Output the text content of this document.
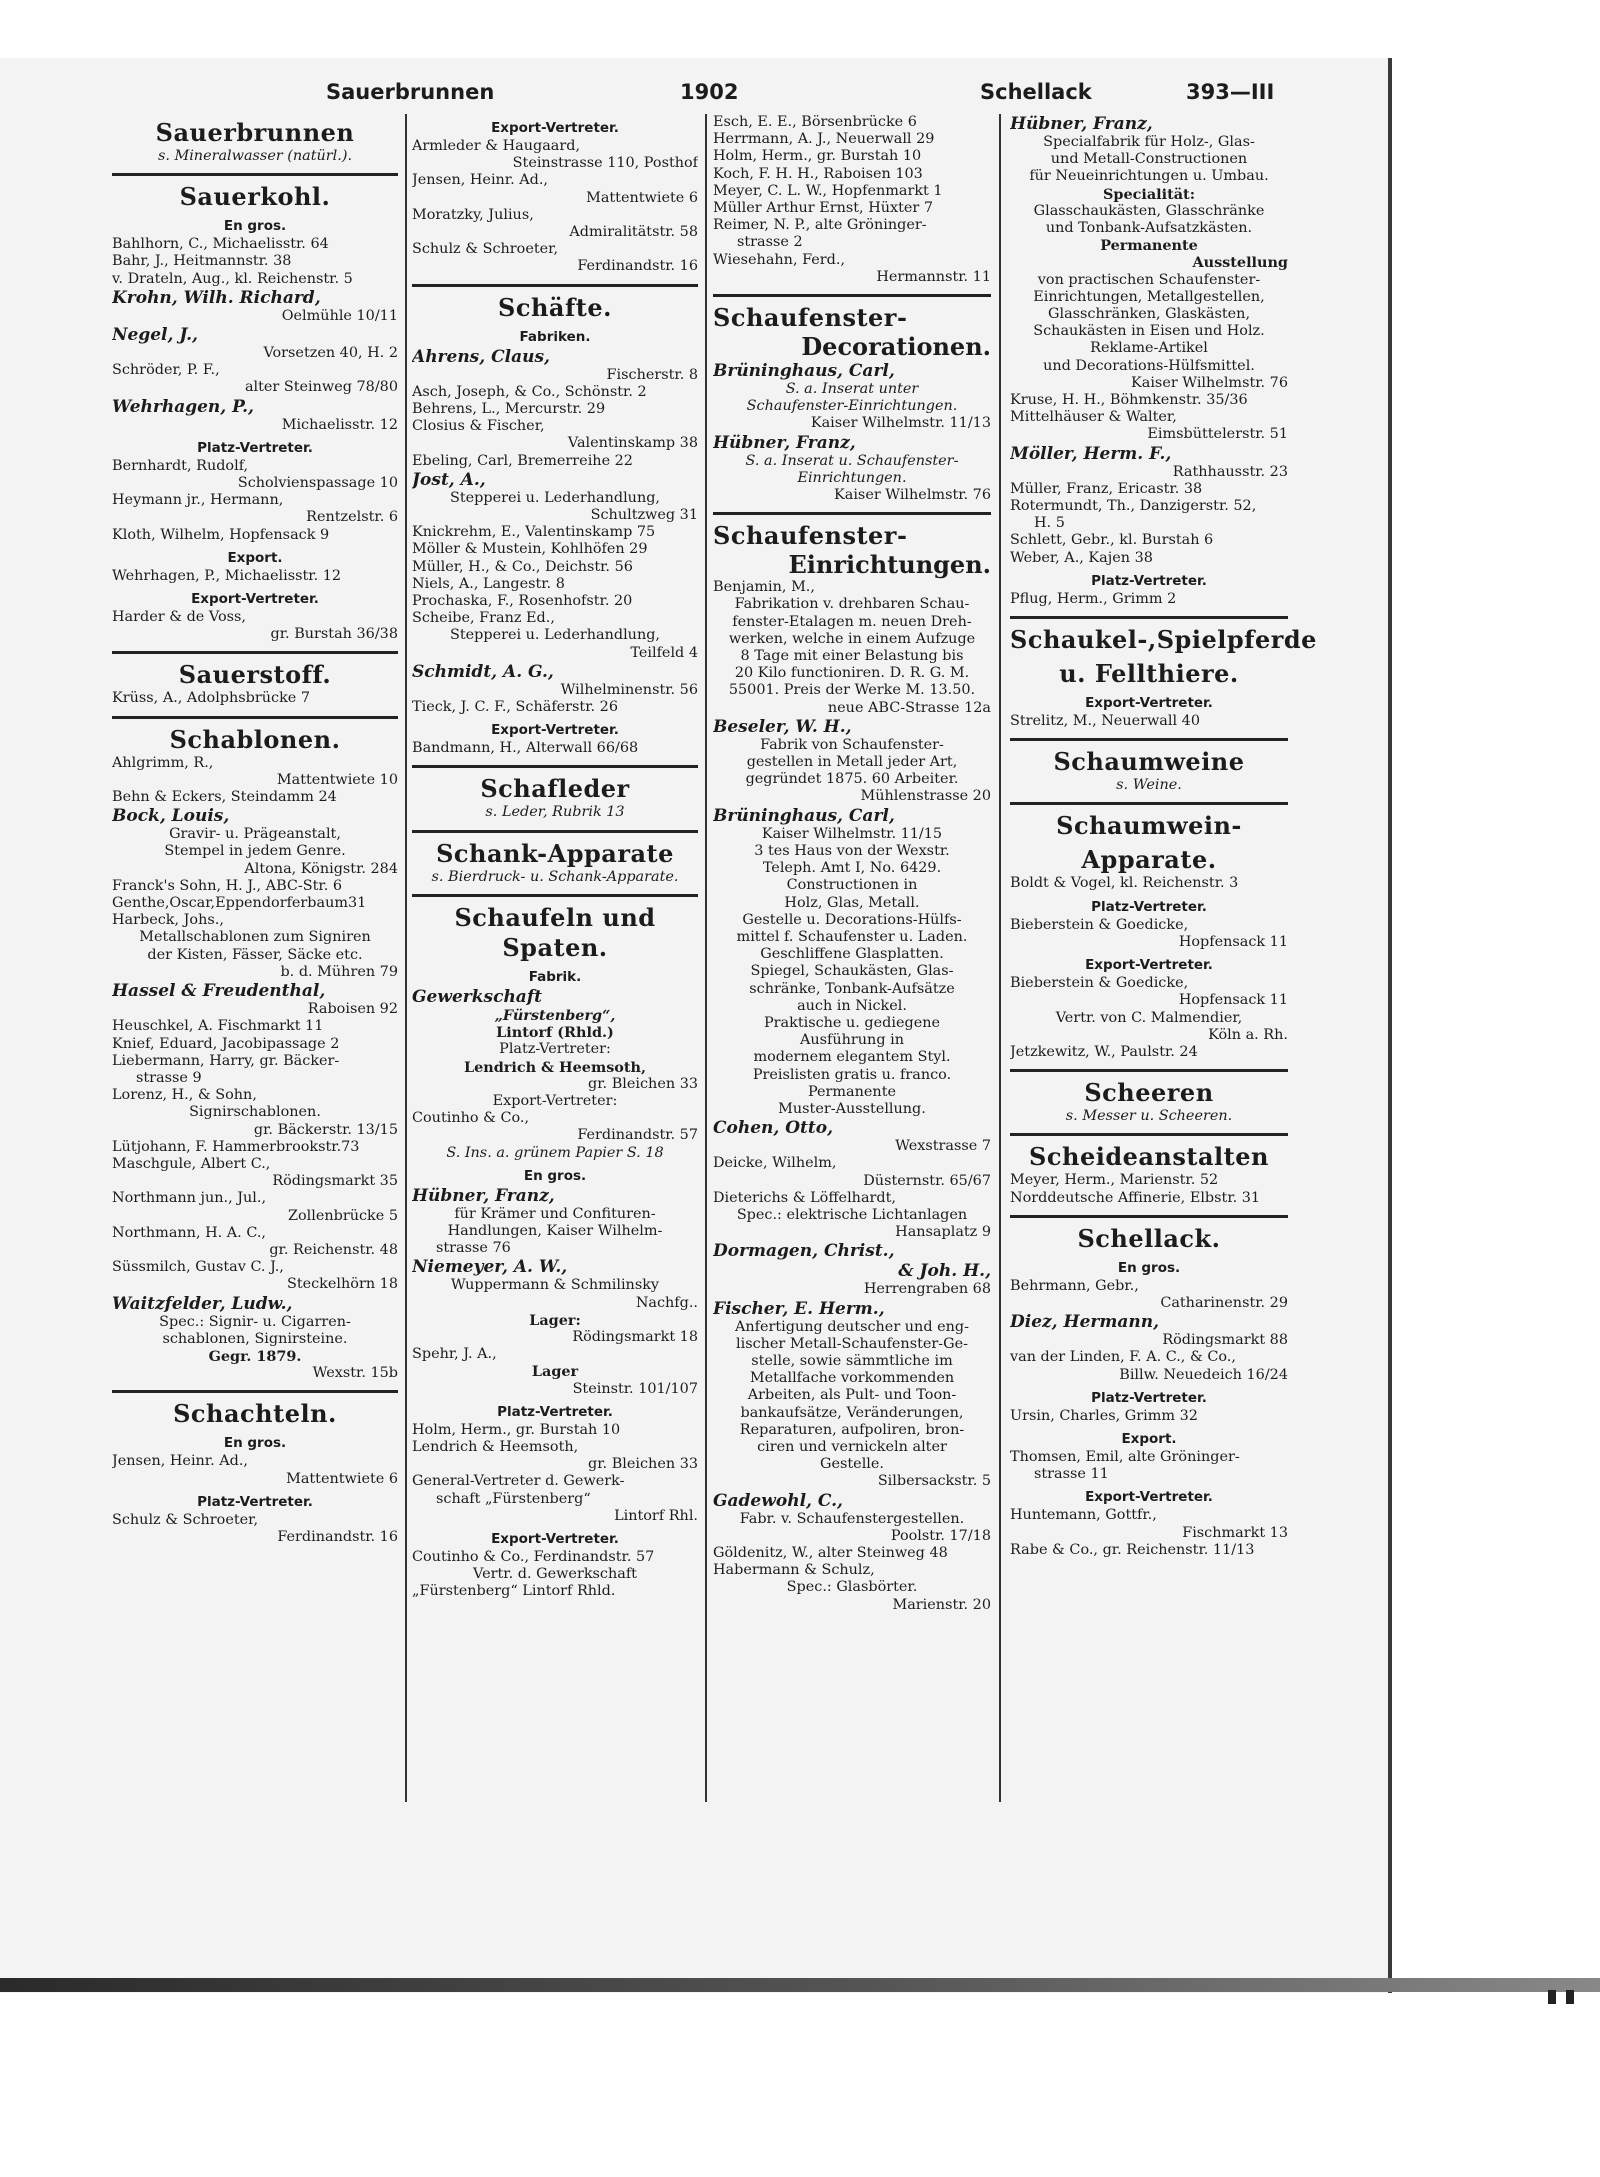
Sauerbrunnen	1902	Schellack	393—III
Sauerbrunnen
s. Mineralwasser (natürl.).
Sauerkohl.
En gros.
Bahlhorn, C., Michaelisstr. 64
Bahr, J., Heitmannstr. 38
v. Drateln, Aug., kl. Reichenstr. 5
Krohn, Wilh. Richard,
Oelmühle 10/11
Negel, J.,
Vorsetzen 40, H. 2
Schröder, P. F.,
alter Steinweg 78/80
Wehrhagen, P.,
Michaelisstr. 12
Platz-Vertreter.
Bernhardt, Rudolf,
Scholvienspassage 10
Heymann jr., Hermann,
Rentzelstr. 6
Kloth, Wilhelm, Hopfensack 9
Export.
Wehrhagen, P., Michaelisstr. 12
Export-Vertreter.
Harder & de Voss,
gr. Burstah 36/38
Sauerstoff.
Krüss, A., Adolphsbrücke 7
Schablonen.
Ahlgrimm, R.,
Mattentwiete 10
Behn & Eckers, Steindamm 24
Bock, Louis,
Gravir- u. Prägeanstalt,
Stempel in jedem Genre.
Altona, Königstr. 284
Franck's Sohn, H. J., ABC-Str. 6
Genthe,Oscar,Eppendorferbaum31
Harbeck, Johs.,
Metallschablonen zum Signiren
der Kisten, Fässer, Säcke etc.
b. d. Mühren 79
Hassel & Freudenthal,
Raboisen 92
Heuschkel, A. Fischmarkt 11
Knief, Eduard, Jacobipassage 2
Liebermann, Harry, gr. Bäcker-
strasse 9
Lorenz, H., & Sohn,
Signirschablonen.
gr. Bäckerstr. 13/15
Lütjohann, F. Hammerbrookstr.73
Maschgule, Albert C.,
Rödingsmarkt 35
Northmann jun., Jul.,
Zollenbrücke 5
Northmann, H. A. C.,
gr. Reichenstr. 48
Süssmilch, Gustav C. J.,
Steckelhörn 18
Waitzfelder, Ludw.,
Spec.: Signir- u. Cigarren-
schablonen, Signirsteine.
Gegr. 1879.
Wexstr. 15b
Schachteln.
En gros.
Jensen, Heinr. Ad.,
Mattentwiete 6
Platz-Vertreter.
Schulz & Schroeter,
Ferdinandstr. 16
Export-Vertreter.
Armleder & Haugaard,
Steinstrasse 110, Posthof
Jensen, Heinr. Ad.,
Mattentwiete 6
Moratzky, Julius,
Admiralitätstr. 58
Schulz & Schroeter,
Ferdinandstr. 16
Schäfte.
Fabriken.
Ahrens, Claus,
Fischerstr. 8
Asch, Joseph, & Co., Schönstr. 2
Behrens, L., Mercurstr. 29
Closius & Fischer,
Valentinskamp 38
Ebeling, Carl, Bremerreihe 22
Jost, A.,
Stepperei u. Lederhandlung,
Schultzweg 31
Knickrehm, E., Valentinskamp 75
Möller & Mustein, Kohlhöfen 29
Müller, H., & Co., Deichstr. 56
Niels, A., Langestr. 8
Prochaska, F., Rosenhofstr. 20
Scheibe, Franz Ed.,
Stepperei u. Lederhandlung,
Teilfeld 4
Schmidt, A. G.,
Wilhelminenstr. 56
Tieck, J. C. F., Schäferstr. 26
Export-Vertreter.
Bandmann, H., Alterwall 66/68
Schafleder
s. Leder, Rubrik 13
Schank-Apparate
s. Bierdruck- u. Schank-Apparate.
Schaufeln und Spaten.
Fabrik.
Gewerkschaft
„Fürstenberg“,
Lintorf (Rhld.)
Platz-Vertreter:
Lendrich & Heemsoth,
gr. Bleichen 33
Export-Vertreter:
Coutinho & Co.,
Ferdinandstr. 57
S. Ins. a. grünem Papier S. 18
En gros.
Hübner, Franz,
für Krämer und Confituren-
Handlungen, Kaiser Wilhelm-
strasse 76
Niemeyer, A. W.,
Wuppermann & Schmilinsky
Nachfg..
Lager:
Rödingsmarkt 18
Spehr, J. A.,
Lager
Steinstr. 101/107
Platz-Vertreter.
Holm, Herm., gr. Burstah 10
Lendrich & Heemsoth,
gr. Bleichen 33
General-Vertreter d. Gewerk-
schaft „Fürstenberg“
Lintorf Rhl.
Export-Vertreter.
Coutinho & Co., Ferdinandstr. 57
Vertr. d. Gewerkschaft
„Fürstenberg“ Lintorf Rhld.
Esch, E. E., Börsenbrücke 6
Herrmann, A. J., Neuerwall 29
Holm, Herm., gr. Burstah 10
Koch, F. H. H., Raboisen 103
Meyer, C. L. W., Hopfenmarkt 1
Müller Arthur Ernst, Hüxter 7
Reimer, N. P., alte Gröninger-
strasse 2
Wiesehahn, Ferd.,
Hermannstr. 11
Schaufenster-
Decorationen.
Brüninghaus, Carl,
S. a. Inserat unter
Schaufenster-Einrichtungen.
Kaiser Wilhelmstr. 11/13
Hübner, Franz,
S. a. Inserat u. Schaufenster-
Einrichtungen.
Kaiser Wilhelmstr. 76
Schaufenster-
Einrichtungen.
Benjamin, M.,
Fabrikation v. drehbaren Schau-
fenster-Etalagen m. neuen Dreh-
werken, welche in einem Aufzuge
8 Tage mit einer Belastung bis
20 Kilo functioniren. D. R. G. M.
55001. Preis der Werke M. 13.50.
neue ABC-Strasse 12a
Beseler, W. H.,
Fabrik von Schaufenster-
gestellen in Metall jeder Art,
gegründet 1875. 60 Arbeiter.
Mühlenstrasse 20
Brüninghaus, Carl,
Kaiser Wilhelmstr. 11/15
3 tes Haus von der Wexstr.
Teleph. Amt I, No. 6429.
Constructionen in
Holz, Glas, Metall.
Gestelle u. Decorations-Hülfs-
mittel f. Schaufenster u. Laden.
Geschliffene Glasplatten.
Spiegel, Schaukästen, Glas-
schränke, Tonbank-Aufsätze
auch in Nickel.
Praktische u. gediegene
Ausführung in
modernem elegantem Styl.
Preislisten gratis u. franco.
Permanente
Muster-Ausstellung.
Cohen, Otto,
Wexstrasse 7
Deicke, Wilhelm,
Düsternstr. 65/67
Dieterichs & Löffelhardt,
Spec.: elektrische Lichtanlagen
Hansaplatz 9
Dormagen, Christ.,
& Joh. H.,
Herrengraben 68
Fischer, E. Herm.,
Anfertigung deutscher und eng-
lischer Metall-Schaufenster-Ge-
stelle, sowie sämmtliche im
Metallfache vorkommenden
Arbeiten, als Pult- und Toon-
bankaufsätze, Veränderungen,
Reparaturen, aufpoliren, bron-
ciren und vernickeln alter
Gestelle.
Silbersackstr. 5
Gadewohl, C.,
Fabr. v. Schaufenstergestellen.
Poolstr. 17/18
Göldenitz, W., alter Steinweg 48
Habermann & Schulz,
Spec.: Glasbörter.
Marienstr. 20
Hübner, Franz,
Specialfabrik für Holz-, Glas-
und Metall-Constructionen
für Neueinrichtungen u. Umbau.
Specialität:
Glasschaukästen, Glasschränke
und Tonbank-Aufsatzkästen.
Permanente
Ausstellung
von practischen Schaufenster-
Einrichtungen, Metallgestellen,
Glasschränken, Glaskästen,
Schaukästen in Eisen und Holz.
Reklame-Artikel
und Decorations-Hülfsmittel.
Kaiser Wilhelmstr. 76
Kruse, H. H., Böhmkenstr. 35/36
Mittelhäuser & Walter,
Eimsbüttelerstr. 51
Möller, Herm. F.,
Rathhausstr. 23
Müller, Franz, Ericastr. 38
Rotermundt, Th., Danzigerstr. 52,
H. 5
Schlett, Gebr., kl. Burstah 6
Weber, A., Kajen 38
Platz-Vertreter.
Pflug, Herm., Grimm 2
Schaukel-,Spielpferde
u. Fellthiere.
Export-Vertreter.
Strelitz, M., Neuerwall 40
Schaumweine
s. Weine.
Schaumwein-
Apparate.
Boldt & Vogel, kl. Reichenstr. 3
Platz-Vertreter.
Bieberstein & Goedicke,
Hopfensack 11
Export-Vertreter.
Bieberstein & Goedicke,
Hopfensack 11
Vertr. von C. Malmendier,
Köln a. Rh.
Jetzkewitz, W., Paulstr. 24
Scheeren
s. Messer u. Scheeren.
Scheideanstalten
Meyer, Herm., Marienstr. 52
Norddeutsche Affinerie, Elbstr. 31
Schellack.
En gros.
Behrmann, Gebr.,
Catharinenstr. 29
Diez, Hermann,
Rödingsmarkt 88
van der Linden, F. A. C., & Co.,
Billw. Neuedeich 16/24
Platz-Vertreter.
Ursin, Charles, Grimm 32
Export.
Thomsen, Emil, alte Gröninger-
strasse 11
Export-Vertreter.
Huntemann, Gottfr.,
Fischmarkt 13
Rabe & Co., gr. Reichenstr. 11/13
